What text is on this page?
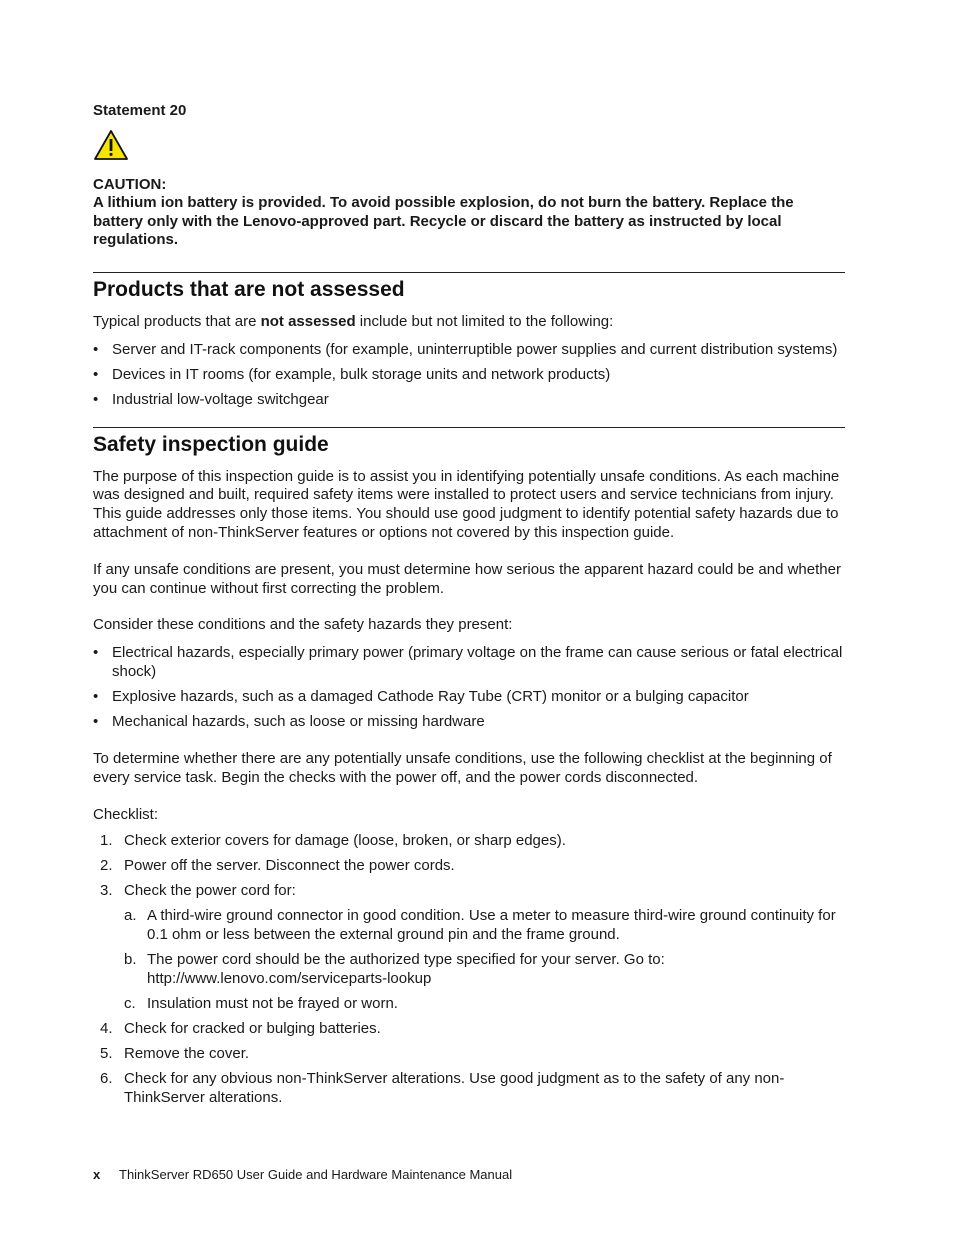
Statement 20

CAUTION:

A lithium ion battery is provided. To avoid possible explosion, do not burn the battery. Replace the battery only with the Lenovo-approved part. Recycle or discard the battery as instructed by local regulations.

Products that are not assessed

Typical products that are not assessed include but not limited to the following:

• Server and IT-rack components (for example, uninterruptible power supplies and current distribution systems)
• Devices in IT rooms (for example, bulk storage units and network products)
• Industrial low-voltage switchgear
Safety inspection guide

The purpose of this inspection guide is to assist you in identifying potentially unsafe conditions. As each machine was designed and built, required safety items were installed to protect users and service technicians from injury. This guide addresses only those items. You should use good judgment to identify potential safety hazards due to attachment of non-ThinkServer features or options not covered by this inspection guide.

If any unsafe conditions are present, you must determine how serious the apparent hazard could be and whether you can continue without first correcting the problem.

Consider these conditions and the safety hazards they present:

• Electrical hazards, especially primary power (primary voltage on the frame can cause serious or fatal electrical shock)
• Explosive hazards, such as a damaged Cathode Ray Tube (CRT) monitor or a bulging capacitor
• Mechanical hazards, such as loose or missing hardware

To determine whether there are any potentially unsafe conditions, use the following checklist at the beginning of every service task. Begin the checks with the power off, and the power cords disconnected.

Checklist:

1. Check exterior covers for damage (loose, broken, or sharp edges).
2. Power off the server. Disconnect the power cords.
3. Check the power cord for:
a. A third-wire ground connector in good condition. Use a meter to measure third-wire ground continuity for 0.1 ohm or less between the external ground pin and the frame ground.
b. The power cord should be the authorized type specified for your server. Go to: http://www.lenovo.com/serviceparts-lookup
c. Insulation must not be frayed or worn.
4. Check for cracked or bulging batteries.
5. Remove the cover.
6. Check for any obvious non-ThinkServer alterations. Use good judgment as to the safety of any non-ThinkServer alterations.
x ThinkServer RD650 User Guide and Hardware Maintenance Manual
